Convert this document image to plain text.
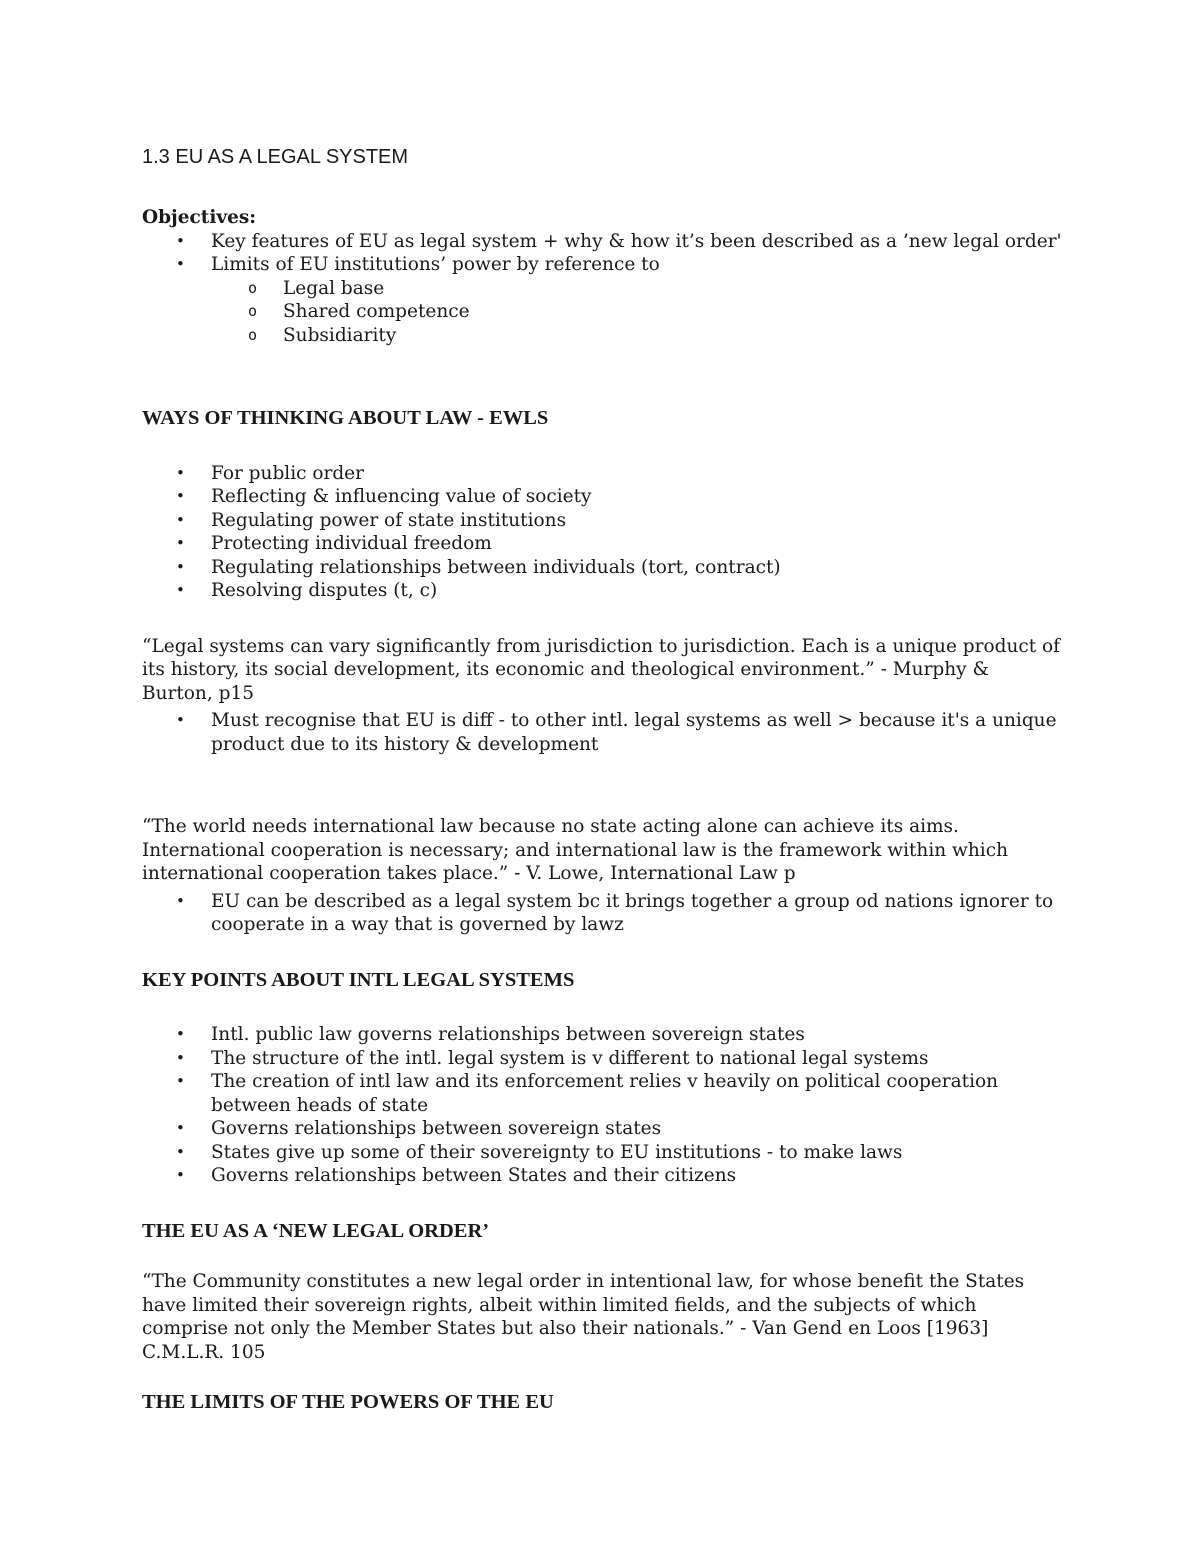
1.3 EU AS A LEGAL SYSTEM
Objectives:
• Key features of EU as legal system + why & how it’s been described as a ’new legal order'
• Limits of EU institutions’ power by reference to
o Legal base
o Shared competence
o Subsidiarity
WAYS OF THINKING ABOUT LAW - EWLS
• For public order
• Reflecting & influencing value of society
• Regulating power of state institutions
• Protecting individual freedom
• Regulating relationships between individuals (tort, contract)
• Resolving disputes (t, c)

“Legal systems can vary significantly from jurisdiction to jurisdiction. Each is a unique product of its history, its social development, its economic and theological environment.” - Murphy & Burton, p15

• Must recognise that EU is diff - to other intl. legal systems as well > because it's a unique product due to its history & development

“The world needs international law because no state acting alone can achieve its aims. International cooperation is necessary; and international law is the framework within which international cooperation takes place.” - V. Lowe, International Law p

• EU can be described as a legal system bc it brings together a group od nations ignorer to cooperate in a way that is governed by lawz
KEY POINTS ABOUT INTL LEGAL SYSTEMS
• Intl. public law governs relationships between sovereign states
• The structure of the intl. legal system is v different to national legal systems
• The creation of intl law and its enforcement relies v heavily on political cooperation between heads of state
• Governs relationships between sovereign states
• States give up some of their sovereignty to EU institutions - to make laws
• Governs relationships between States and their citizens
THE EU AS A ‘NEW LEGAL ORDER’

“The Community constitutes a new legal order in intentional law, for whose benefit the States have limited their sovereign rights, albeit within limited fields, and the subjects of which comprise not only the Member States but also their nationals.” - Van Gend en Loos [1963] C.M.L.R. 105

THE LIMITS OF THE POWERS OF THE EU
